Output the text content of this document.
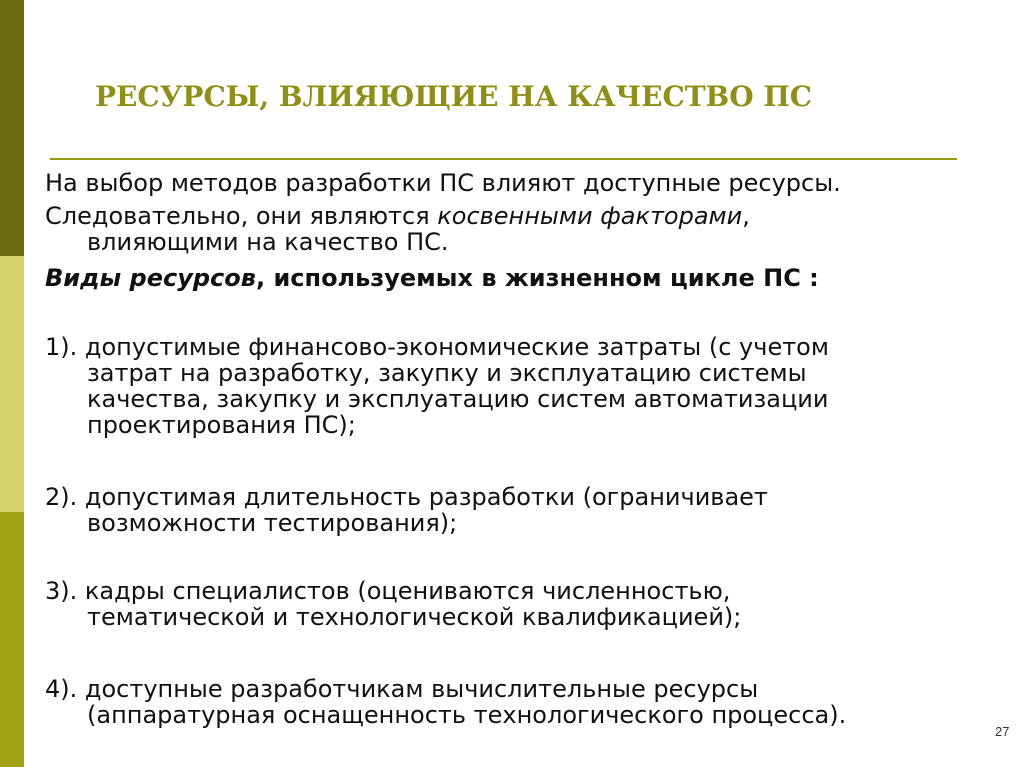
РЕСУРСЫ, ВЛИЯЮЩИЕ НА КАЧЕСТВО ПС

На выбор методов разработки ПС влияют доступные ресурсы.

Следовательно, они являются косвенными факторами,
влияющими на качество ПС.

Виды ресурсов, используемых в жизненном цикле ПС :

1). допустимые финансово-экономические затраты (с учетом
затрат на разработку, закупку и эксплуатацию системы
качества, закупку и эксплуатацию систем автоматизации
проектирования ПС);

2). допустимая длительность разработки (ограничивает
возможности тестирования);

3). кадры специалистов (оцениваются численностью,
тематической и технологической квалификацией);

4). доступные разработчикам вычислительные ресурсы
(аппаратурная оснащенность технологического процесса).

27
